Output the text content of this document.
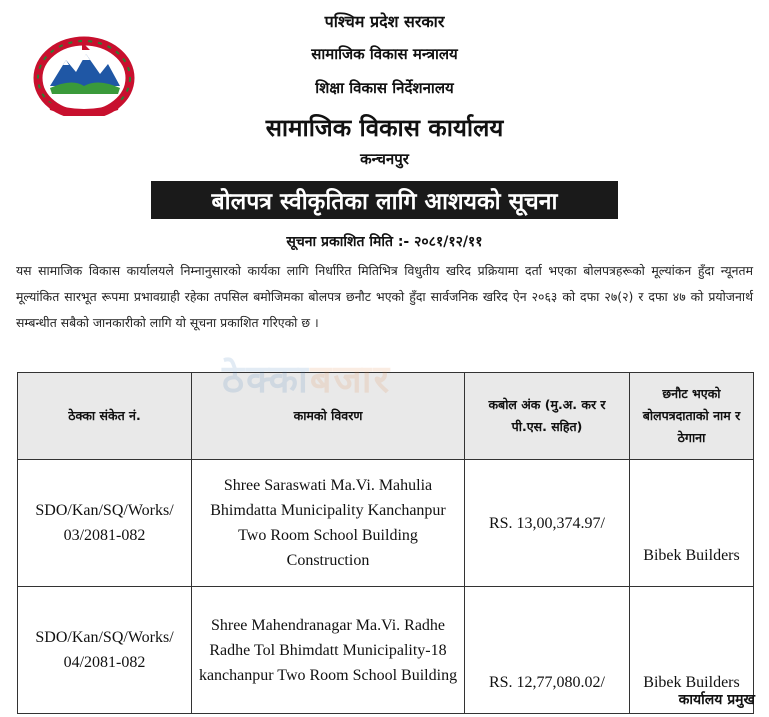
पश्चिम प्रदेश सरकार
सामाजिक विकास मन्त्रालय
शिक्षा विकास निर्देशनालय
सामाजिक विकास कार्यालय
कन्चनपुर
बोलपत्र स्वीकृतिका लागि आशयको सूचना
सूचना प्रकाशित मिति :- २०८१/१२/११
यस सामाजिक विकास कार्यालयले निम्नानुसारको कार्यका लागि निर्धारित मितिभित्र विधुतीय खरिद प्रक्रियामा दर्ता भएका बोलपत्रहरूको मूल्यांकन हुँदा न्यूनतम मूल्यांकित सारभूत रूपमा प्रभावग्राही रहेका तपसिल बमोजिमका बोलपत्र छनौट भएको हुँदा सार्वजनिक खरिद ऐन २०६३ को दफा २७(२) र दफा ४७ को प्रयोजनार्थ सम्बन्धीत सबैको जानकारीको लागि यो सूचना प्रकाशित गरिएको छ ।
ठेक्का संकेत नं.	कामको विवरण	कबोल अंक (मु.अ. कर र पी.एस. सहित)	छनौट भएको बोलपत्रदाताको नाम र ठेगाना
SDO/Kan/SQ/Works/ 03/2081-082	Shree Saraswati Ma.Vi. Mahulia Bhimdatta Municipality Kanchanpur Two Room School Building Construction	RS. 13,00,374.97/	Bibek Builders
SDO/Kan/SQ/Works/ 04/2081-082	Shree Mahendranagar Ma.Vi. Radhe Radhe Tol Bhimdatt Municipality-18 kanchanpur Two Room School Building	RS. 12,77,080.02/	Bibek Builders
कार्यालय प्रमुख
